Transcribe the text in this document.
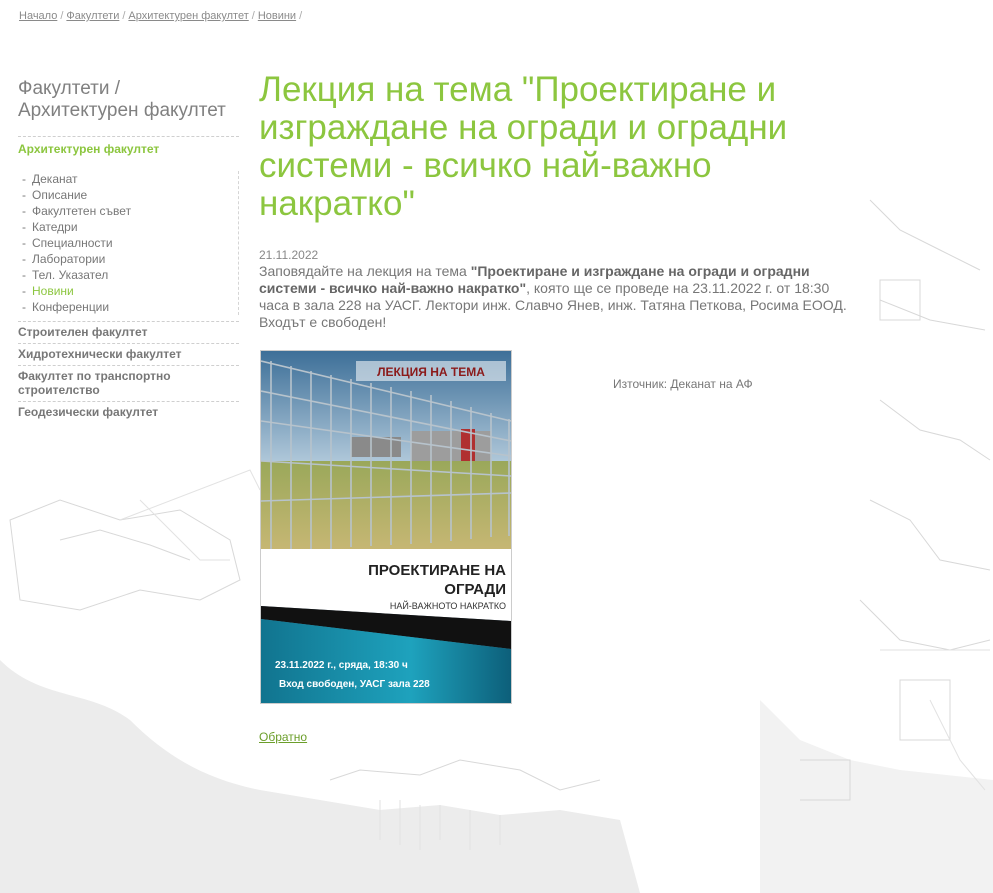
Начало / Факултети / Архитектурен факултет / Новини /
Факултети / Архитектурен факултет
Архитектурен факултет
- Деканат
- Описание
- Факултетен съвет
- Катедри
- Специалности
- Лаборатории
- Тел. Указател
- Новини
- Конференции
Строителен факултет
Хидротехнически факултет
Факултет по транспортно строителство
Геодезически факултет
Лекция на тема "Проектиране и изграждане на огради и оградни системи - всичко най-важно накратко"
21.11.2022
Заповядайте на лекция на тема "Проектиране и изграждане на огради и оградни системи - всичко най-важно накратко", която ще се проведе на 23.11.2022 г. от 18:30 часа в зала 228 на УАСГ. Лектори инж. Славчо Янев, инж. Татяна Петкова, Росима ЕООД. Входът е свободен!
ЛЕКЦИЯ НА ТЕМА
ПРОЕКТИРАНЕ НА
ОГРАДИ
НАЙ-ВАЖНОТО НАКРАТКО
23.11.2022 г., сряда, 18:30 ч
Вход свободен, УАСГ зала 228
Източник: Деканат на АФ
Обратно
